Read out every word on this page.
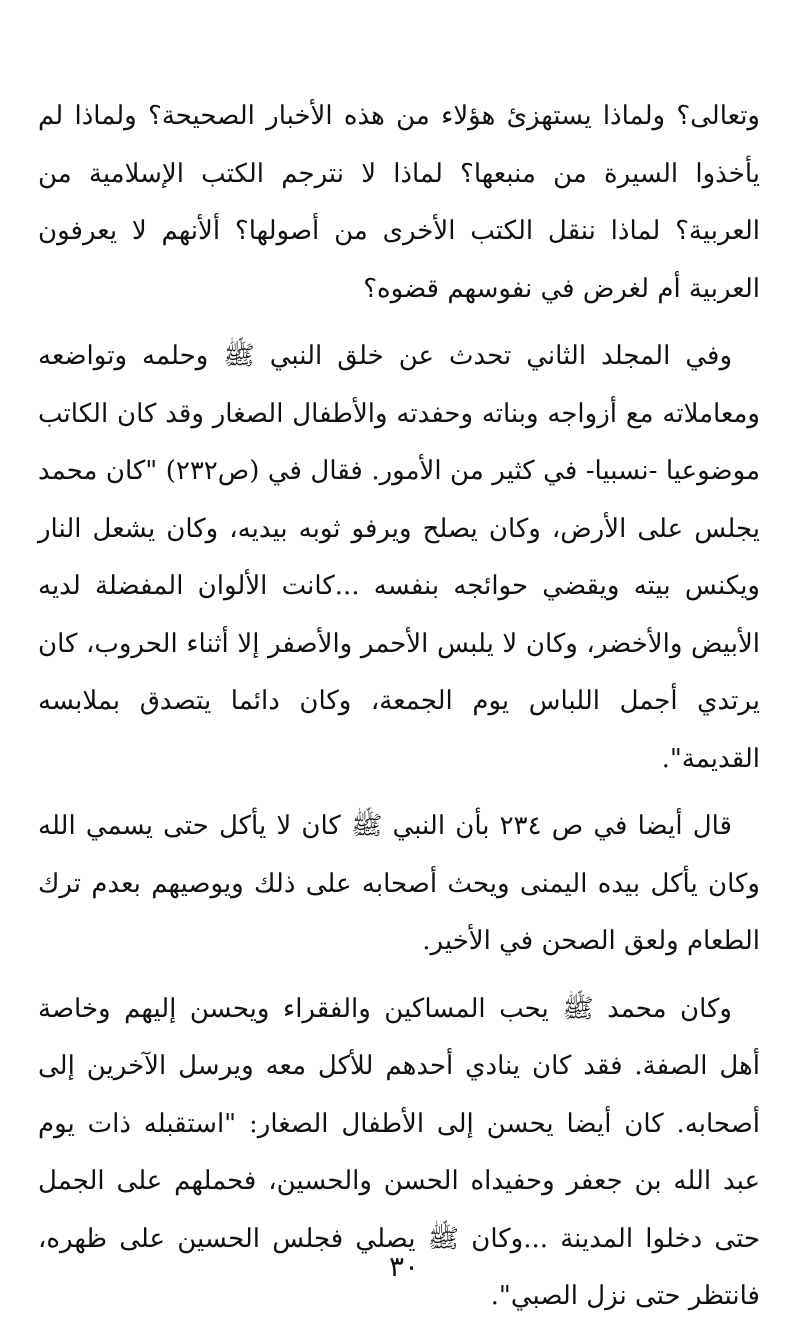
وتعالى؟ ولماذا يستهزئ هؤلاء من هذه الأخبار الصحيحة؟ ولماذا لم يأخذوا السيرة من منبعها؟ لماذا لا نترجم الكتب الإسلامية من العربية؟ لماذا ننقل الكتب الأخرى من أصولها؟ ألأنهم لا يعرفون العربية أم لغرض في نفوسهم قضوه؟

وفي المجلد الثاني تحدث عن خلق النبي ﷺ وحلمه وتواضعه ومعاملاته مع أزواجه وبناته وحفدته والأطفال الصغار وقد كان الكاتب موضوعيا -نسبيا- في كثير من الأمور. فقال في (ص٢٣٢) "كان محمد يجلس على الأرض، وكان يصلح ويرفو ثوبه بيديه، وكان يشعل النار ويكنس بيته ويقضي حوائجه بنفسه ...كانت الألوان المفضلة لديه الأبيض والأخضر، وكان لا يلبس الأحمر والأصفر إلا أثناء الحروب، كان يرتدي أجمل اللباس يوم الجمعة، وكان دائما يتصدق بملابسه القديمة".

قال أيضا في ص ٢٣٤ بأن النبي ﷺ كان لا يأكل حتى يسمي الله وكان يأكل بيده اليمنى ويحث أصحابه على ذلك ويوصيهم بعدم ترك الطعام ولعق الصحن في الأخير.

وكان محمد ﷺ يحب المساكين والفقراء ويحسن إليهم وخاصة أهل الصفة. فقد كان ينادي أحدهم للأكل معه ويرسل الآخرين إلى أصحابه. كان أيضا يحسن إلى الأطفال الصغار: "استقبله ذات يوم عبد الله بن جعفر وحفيداه الحسن والحسين، فحملهم على الجمل حتى دخلوا المدينة ...وكان ﷺ يصلي فجلس الحسين على ظهره، فانتظر حتى نزل الصبي".

٣٠
